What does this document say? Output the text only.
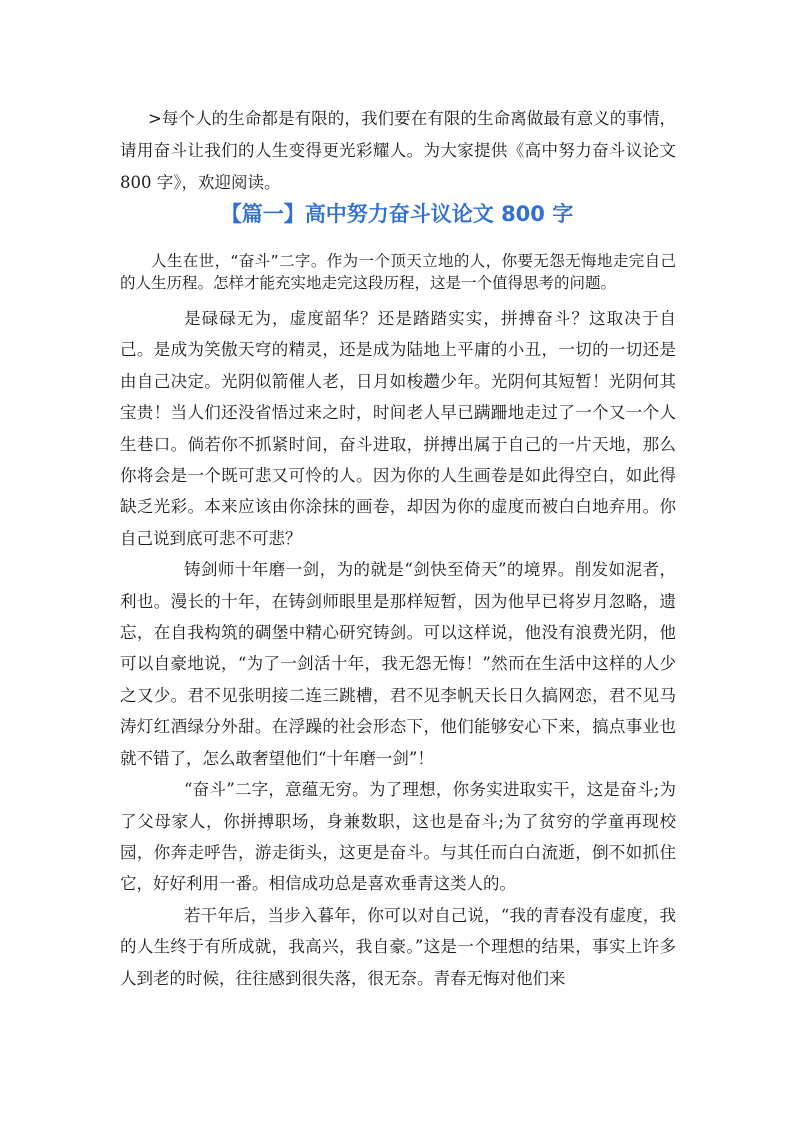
>每个人的生命都是有限的，我们要在有限的生命离做最有意义的事情，请用奋斗让我们的人生变得更光彩耀人。为大家提供《高中努力奋斗议论文 800 字》，欢迎阅读。

【篇一】高中努力奋斗议论文 800 字

人生在世，“奋斗”二字。作为一个顶天立地的人，你要无怨无悔地走完自己的人生历程。怎样才能充实地走完这段历程，这是一个值得思考的问题。

是碌碌无为，虚度韶华？还是踏踏实实，拼搏奋斗？这取决于自己。是成为笑傲天穹的精灵，还是成为陆地上平庸的小丑，一切的一切还是由自己决定。光阴似箭催人老，日月如梭趱少年。光阴何其短暂！光阴何其宝贵！当人们还没省悟过来之时，时间老人早已蹒跚地走过了一个又一个人生巷口。倘若你不抓紧时间，奋斗进取，拼搏出属于自己的一片天地，那么你将会是一个既可悲又可怜的人。因为你的人生画卷是如此得空白，如此得缺乏光彩。本来应该由你涂抹的画卷，却因为你的虚度而被白白地弃用。你自己说到底可悲不可悲？

铸剑师十年磨一剑，为的就是“剑快至倚天”的境界。削发如泥者，利也。漫长的十年，在铸剑师眼里是那样短暂，因为他早已将岁月忽略，遗忘，在自我构筑的碉堡中精心研究铸剑。可以这样说，他没有浪费光阴，他可以自豪地说，“为了一剑活十年，我无怨无悔！”然而在生活中这样的人少之又少。君不见张明接二连三跳槽，君不见李帆天长日久搞网恋，君不见马涛灯红酒绿分外甜。在浮躁的社会形态下，他们能够安心下来，搞点事业也就不错了，怎么敢奢望他们“十年磨一剑”！

“奋斗”二字，意蕴无穷。为了理想，你务实进取实干，这是奋斗;为了父母家人，你拼搏职场，身兼数职，这也是奋斗;为了贫穷的学童再现校园，你奔走呼告，游走街头，这更是奋斗。与其任而白白流逝，倒不如抓住它，好好利用一番。相信成功总是喜欢垂青这类人的。

若干年后，当步入暮年，你可以对自己说，“我的青春没有虚度，我的人生终于有所成就，我高兴，我自豪。”这是一个理想的结果，事实上许多人到老的时候，往往感到很失落，很无奈。青春无悔对他们来
